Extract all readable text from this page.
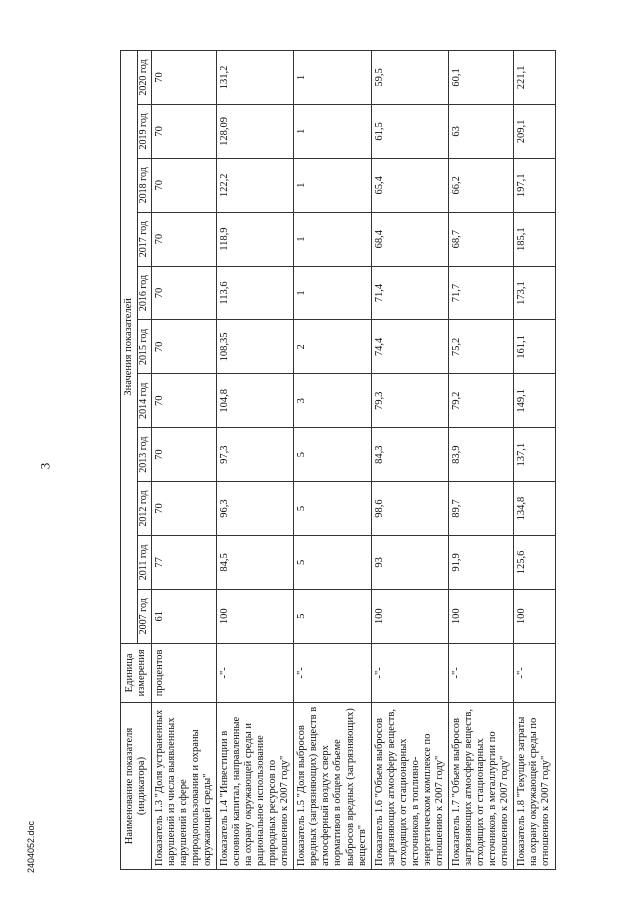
3
2404052.doc
Наименование показателя (индикатора)	Единица измерения	Значения показателей										
		2007 год	2011 год	2012 год	2013 год	2014 год	2015 год	2016 год	2017 год	2018 год	2019 год	2020 год
Показатель 1.3 "Доля устраненных нарушений из числа выявленных нарушений в сфере природопользования и охраны окружающей среды"	процентов	61	77	70	70	70	70	70	70	70	70	70
Показатель 1.4 "Инвестиции в основной капитал, направленные на охрану окружающей среды и рациональное использование природных ресурсов по отношению к 2007 году"	-"-	100	84,5	96,3	97,3	104,8	108,35	113,6	118,9	122,2	128,09	131,2
Показатель 1.5 "Доля выбросов вредных (загрязняющих) веществ в атмосферный воздух сверх нормативов в общем объеме выбросов вредных (загрязняющих) веществ"	-"-	5	5	5	5	3	2	1	1	1	1	1
Показатель 1.6 "Объем выбросов загрязняющих атмосферу веществ, отходящих от стационарных источников, в топливно-энергетическом комплексе по отношению к 2007 году"	-"-	100	93	98,6	84,3	79,3	74,4	71,4	68,4	65,4	61,5	59,5
Показатель 1.7 "Объем выбросов загрязняющих атмосферу веществ, отходящих от стационарных источников, в металлургии по отношению к 2007 году"	-"-	100	91,9	89,7	83,9	79,2	75,2	71,7	68,7	66,2	63	60,1
Показатель 1.8 "Текущие затраты на охрану окружающей среды по отношению к 2007 году"	-"-	100	125,6	134,8	137,1	149,1	161,1	173,1	185,1	197,1	209,1	221,1
